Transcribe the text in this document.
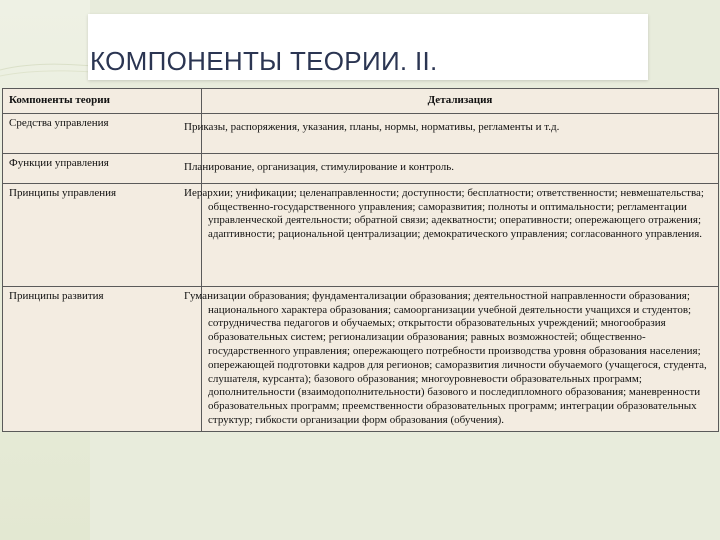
КОМПОНЕНТЫ ТЕОРИИ. II.
Компоненты теории	Детализация
Средства управления	Приказы, распоряжения, указания, планы, нормы, нормативы, регламенты и т.д.
Функции управления	Планирование, организация, стимулирование и контроль.
Принципы управления	Иерархии; унификации; целенаправленности; доступности; бесплатности; ответственности; невмешательства; общественно-государственного управления; саморазвития; полноты и оптимальности; регламентации управленческой деятельности; обратной связи; адекватности; оперативности; опережающего отражения; адаптивности; рациональной централизации; демократического управления; согласованного управления.
Принципы развития	Гуманизации образования; фундаментализации образования; деятельностной направленности образования; национального характера образования; самоорганизации учебной деятельности учащихся и студентов; сотрудничества педагогов и обучаемых; открытости образовательных учреждений; многообразия образовательных систем; регионализации образования; равных возможностей; общественно-государственного управления; опережающего потребности производства уровня образования населения; опережающей подготовки кадров для регионов; саморазвития личности обучаемого (учащегося, студента, слушателя, курсанта); базового образования; многоуровневости образовательных программ; дополнительности (взаимодополнительности) базового и последипломного образования; маневренности образовательных программ; преемственности образовательных программ; интеграции образовательных структур; гибкости организации форм образования (обучения).
